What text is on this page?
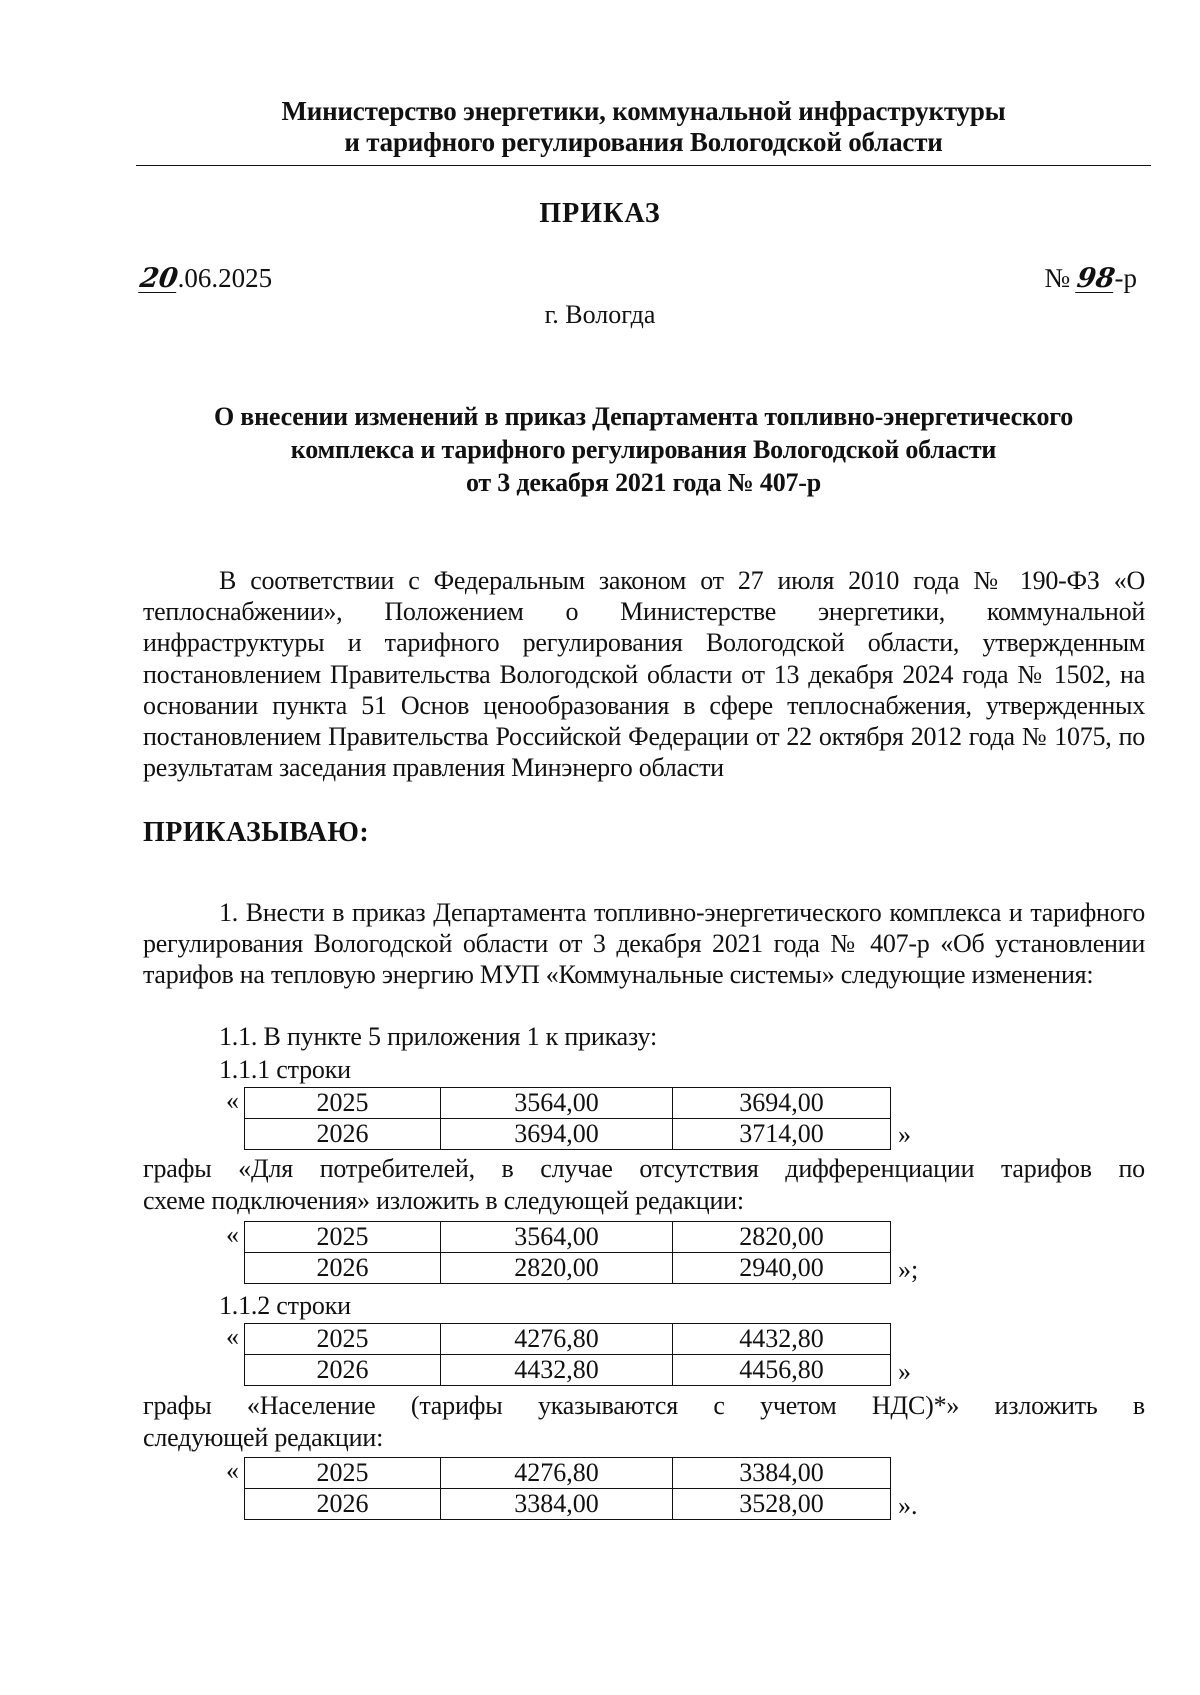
Министерство энергетики, коммунальной инфраструктуры
и тарифного регулирования Вологодской области
ПРИКАЗ
20.06.2025	№ 98-р
г. Вологда
О внесении изменений в приказ Департамента топливно-энергетического
комплекса и тарифного регулирования Вологодской области
от 3 декабря 2021 года № 407-р
В соответствии с Федеральным законом от 27 июля 2010 года № 190-ФЗ «О теплоснабжении», Положением о Министерстве энергетики, коммунальной инфраструктуры и тарифного регулирования Вологодской области, утвержденным постановлением Правительства Вологодской области от 13 декабря 2024 года № 1502, на основании пункта 51 Основ ценообразования в сфере теплоснабжения, утвержденных постановлением Правительства Российской Федерации от 22 октября 2012 года № 1075, по результатам заседания правления Минэнерго области
ПРИКАЗЫВАЮ:
1. Внести в приказ Департамента топливно-энергетического комплекса и тарифного регулирования Вологодской области от 3 декабря 2021 года № 407-р «Об установлении тарифов на тепловую энергию МУП «Коммунальные системы» следующие изменения:
1.1. В пункте 5 приложения 1 к приказу:
1.1.1 строки
«	2025	3564,00	3694,00
2026	3694,00	3714,00	»
графы «Для потребителей, в случае отсутствия дифференциации тарифов по
схеме подключения» изложить в следующей редакции:
«	2025	3564,00	2820,00
2026	2820,00	2940,00	»;
1.1.2 строки
«	2025	4276,80	4432,80
2026	4432,80	4456,80	»
графы «Население (тарифы указываются с учетом НДС)*» изложить в
следующей редакции:
«	2025	4276,80	3384,00
2026	3384,00	3528,00	».
